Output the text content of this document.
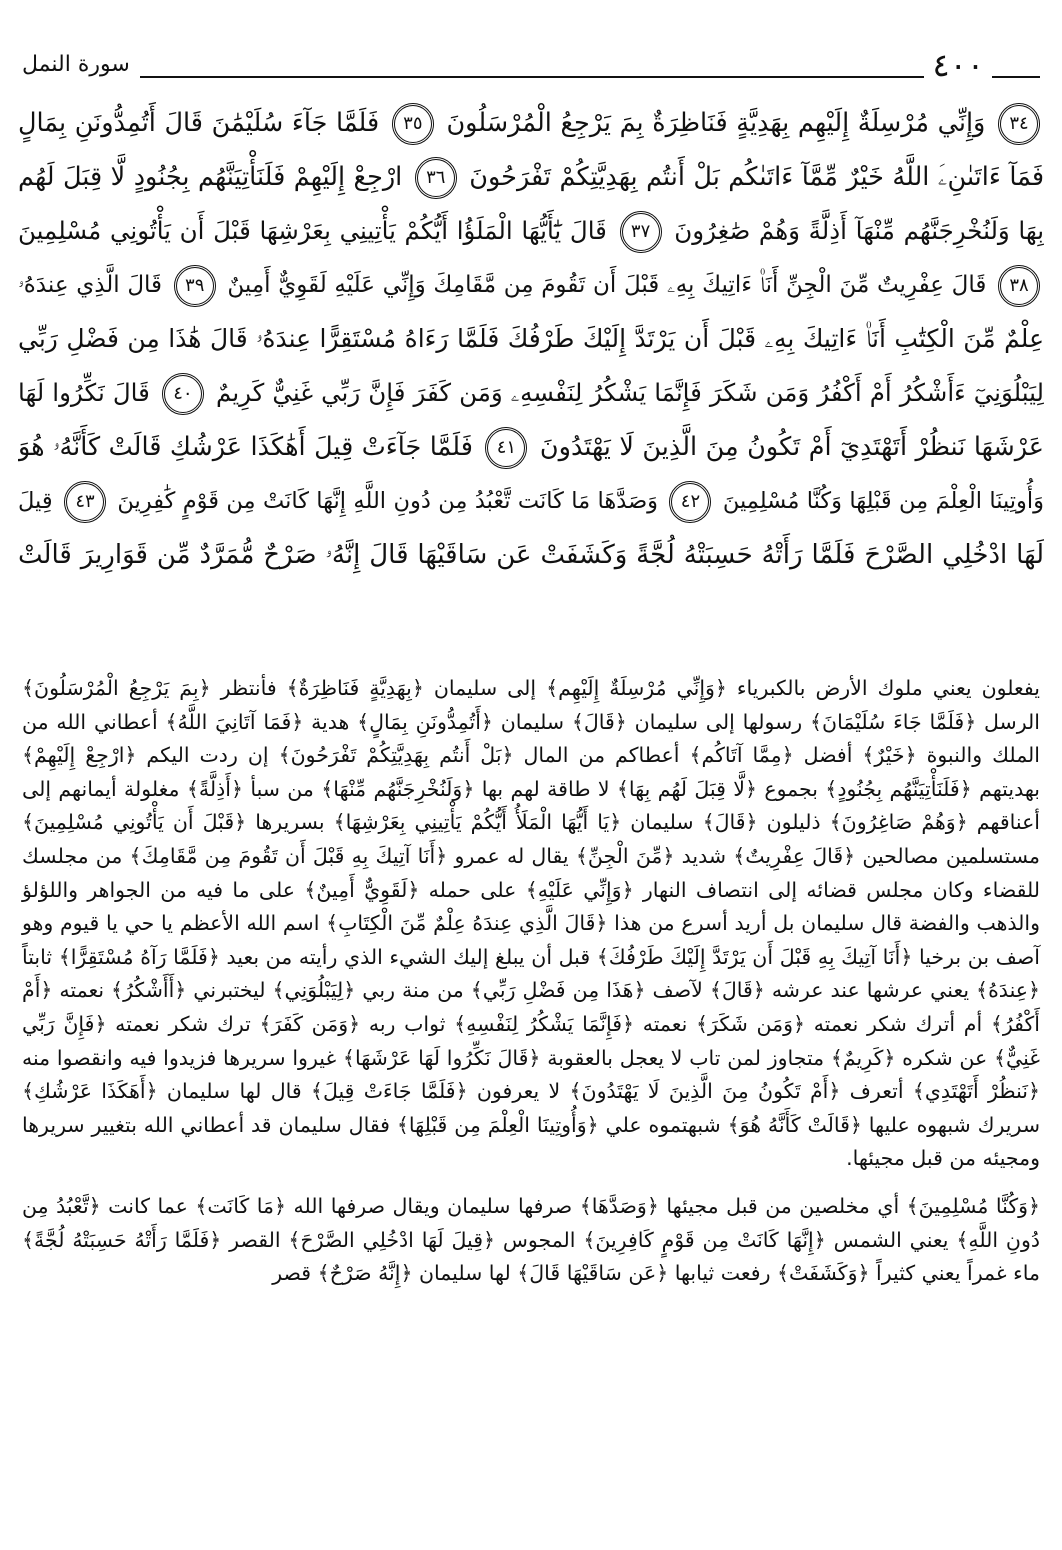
٤٠٠
سورة النمل
٣٤ وَإِنِّي مُرْسِلَةٌ إِلَيْهِم بِهَدِيَّةٍ فَنَاظِرَةٌ بِمَ يَرْجِعُ الْمُرْسَلُونَ ٣٥ فَلَمَّا جَآءَ سُلَيْمَٰنَ قَالَ أَتُمِدُّونَنِ بِمَالٍ
فَمَآ ءَاتَىٰنِۦَ اللَّهُ خَيْرٌ مِّمَّآ ءَاتَىٰكُم بَلْ أَنتُم بِهَدِيَّتِكُمْ تَفْرَحُونَ ٣٦ ارْجِعْ إِلَيْهِمْ فَلَنَأْتِيَنَّهُم بِجُنُودٍ لَّا قِبَلَ لَهُم
بِهَا وَلَنُخْرِجَنَّهُم مِّنْهَآ أَذِلَّةً وَهُمْ صَٰغِرُونَ ٣٧ قَالَ يَٰٓأَيُّهَا الْمَلَؤُا أَيُّكُمْ يَأْتِينِي بِعَرْشِهَا قَبْلَ أَن يَأْتُونِي مُسْلِمِينَ
٣٨ قَالَ عِفْرِيتٌ مِّنَ الْجِنِّ أَنَا۠ ءَاتِيكَ بِهِۦ قَبْلَ أَن تَقُومَ مِن مَّقَامِكَ وَإِنِّي عَلَيْهِ لَقَوِيٌّ أَمِينٌ ٣٩ قَالَ الَّذِي عِندَهُۥ
عِلْمٌ مِّنَ الْكِتَٰبِ أَنَا۠ ءَاتِيكَ بِهِۦ قَبْلَ أَن يَرْتَدَّ إِلَيْكَ طَرْفُكَ فَلَمَّا رَءَاهُ مُسْتَقِرًّا عِندَهُۥ قَالَ هَٰذَا مِن فَضْلِ رَبِّي
لِيَبْلُوَنِيٓ ءَأَشْكُرُ أَمْ أَكْفُرُ وَمَن شَكَرَ فَإِنَّمَا يَشْكُرُ لِنَفْسِهِۦ وَمَن كَفَرَ فَإِنَّ رَبِّي غَنِيٌّ كَرِيمٌ ٤٠ قَالَ نَكِّرُوا لَهَا
عَرْشَهَا نَنظُرْ أَتَهْتَدِيٓ أَمْ تَكُونُ مِنَ الَّذِينَ لَا يَهْتَدُونَ ٤١ فَلَمَّا جَآءَتْ قِيلَ أَهَٰكَذَا عَرْشُكِ قَالَتْ كَأَنَّهُۥ هُوَ
وَأُوتِينَا الْعِلْمَ مِن قَبْلِهَا وَكُنَّا مُسْلِمِينَ ٤٢ وَصَدَّهَا مَا كَانَت تَّعْبُدُ مِن دُونِ اللَّهِ إِنَّهَا كَانَتْ مِن قَوْمٍ كَٰفِرِينَ ٤٣ قِيلَ
لَهَا ادْخُلِي الصَّرْحَ فَلَمَّا رَأَتْهُ حَسِبَتْهُ لُجَّةً وَكَشَفَتْ عَن سَاقَيْهَا قَالَ إِنَّهُۥ صَرْحٌ مُّمَرَّدٌ مِّن قَوَارِيرَ قَالَتْ

يفعلون يعني ملوك الأرض بالكبرياء ﴿وَإِنِّي مُرْسِلَةٌ إِلَيْهِم﴾ إلى سليمان ﴿بِهَدِيَّةٍ فَنَاظِرَةٌ﴾ فأنتظر ﴿بِمَ يَرْجِعُ الْمُرْسَلُونَ﴾ الرسل ﴿فَلَمَّا جَاءَ سُلَيْمَانَ﴾ رسولها إلى سليمان ﴿قَالَ﴾ سليمان ﴿أَتُمِدُّونَنِ بِمَالٍ﴾ هدية ﴿فَمَا آتَانِيَ اللَّهُ﴾ أعطاني الله من الملك والنبوة ﴿خَيْرٌ﴾ أفضل ﴿مِمَّا آتَاكُم﴾ أعطاكم من المال ﴿بَلْ أَنتُم بِهَدِيَّتِكُمْ تَفْرَحُونَ﴾ إن ردت اليكم ﴿ارْجِعْ إِلَيْهِمْ﴾ بهديتهم ﴿فَلَنَأْتِيَنَّهُم بِجُنُودٍ﴾ بجموع ﴿لَّا قِبَلَ لَهُم بِهَا﴾ لا طاقة لهم بها ﴿وَلَنُخْرِجَنَّهُم مِّنْهَا﴾ من سبأ ﴿أَذِلَّةً﴾ مغلولة أيمانهم إلى أعناقهم ﴿وَهُمْ صَاغِرُونَ﴾ ذليلون ﴿قَالَ﴾ سليمان ﴿يَا أَيُّهَا الْمَلَأُ أَيُّكُمْ يَأْتِينِي بِعَرْشِهَا﴾ بسريرها ﴿قَبْلَ أَن يَأْتُونِي مُسْلِمِينَ﴾ مستسلمين مصالحين ﴿قَالَ عِفْرِيتٌ﴾ شديد ﴿مِّنَ الْجِنِّ﴾ يقال له عمرو ﴿أَنَا آتِيكَ بِهِ قَبْلَ أَن تَقُومَ مِن مَّقَامِكَ﴾ من مجلسك للقضاء وكان مجلس قضائه إلى انتصاف النهار ﴿وَإِنِّي عَلَيْهِ﴾ على حمله ﴿لَقَوِيٌّ أَمِينٌ﴾ على ما فيه من الجواهر واللؤلؤ والذهب والفضة قال سليمان بل أريد أسرع من هذا ﴿قَالَ الَّذِي عِندَهُ عِلْمٌ مِّنَ الْكِتَابِ﴾ اسم الله الأعظم يا حي يا قيوم وهو آصف بن برخيا ﴿أَنَا آتِيكَ بِهِ قَبْلَ أَن يَرْتَدَّ إِلَيْكَ طَرْفُكَ﴾ قبل أن يبلغ إليك الشيء الذي رأيته من بعيد ﴿فَلَمَّا رَآهُ مُسْتَقِرًّا﴾ ثابتاً ﴿عِندَهُ﴾ يعني عرشها عند عرشه ﴿قَالَ﴾ لآصف ﴿هَذَا مِن فَضْلِ رَبِّي﴾ من منة ربي ﴿لِيَبْلُوَنِي﴾ ليختبرني ﴿أَأَشْكُرُ﴾ نعمته ﴿أَمْ أَكْفُرُ﴾ أم أترك شكر نعمته ﴿وَمَن شَكَرَ﴾ نعمته ﴿فَإِنَّمَا يَشْكُرُ لِنَفْسِهِ﴾ ثواب ربه ﴿وَمَن كَفَرَ﴾ ترك شكر نعمته ﴿فَإِنَّ رَبِّي غَنِيٌّ﴾ عن شكره ﴿كَرِيمٌ﴾ متجاوز لمن تاب لا يعجل بالعقوبة ﴿قَالَ نَكِّرُوا لَهَا عَرْشَهَا﴾ غيروا سريرها فزيدوا فيه وانقصوا منه ﴿نَنظُرْ أَتَهْتَدِي﴾ أتعرف ﴿أَمْ تَكُونُ مِنَ الَّذِينَ لَا يَهْتَدُونَ﴾ لا يعرفون ﴿فَلَمَّا جَاءَتْ قِيلَ﴾ قال لها سليمان ﴿أَهَكَذَا عَرْشُكِ﴾ سريرك شبهوه عليها ﴿قَالَتْ كَأَنَّهُ هُوَ﴾ شبهتموه علي ﴿وَأُوتِينَا الْعِلْمَ مِن قَبْلِهَا﴾ فقال سليمان قد أعطاني الله بتغيير سريرها ومجيئه من قبل مجيئها.

﴿وَكُنَّا مُسْلِمِينَ﴾ أي مخلصين من قبل مجيئها ﴿وَصَدَّهَا﴾ صرفها سليمان ويقال صرفها الله ﴿مَا كَانَت﴾ عما كانت ﴿تَّعْبُدُ مِن دُونِ اللَّهِ﴾ يعني الشمس ﴿إِنَّهَا كَانَتْ مِن قَوْمٍ كَافِرِينَ﴾ المجوس ﴿قِيلَ لَهَا ادْخُلِي الصَّرْحَ﴾ القصر ﴿فَلَمَّا رَأَتْهُ حَسِبَتْهُ لُجَّةً﴾ ماء غمراً يعني كثيراً ﴿وَكَشَفَتْ﴾ رفعت ثيابها ﴿عَن سَاقَيْهَا قَالَ﴾ لها سليمان ﴿إِنَّهُ صَرْحٌ﴾ قصر
